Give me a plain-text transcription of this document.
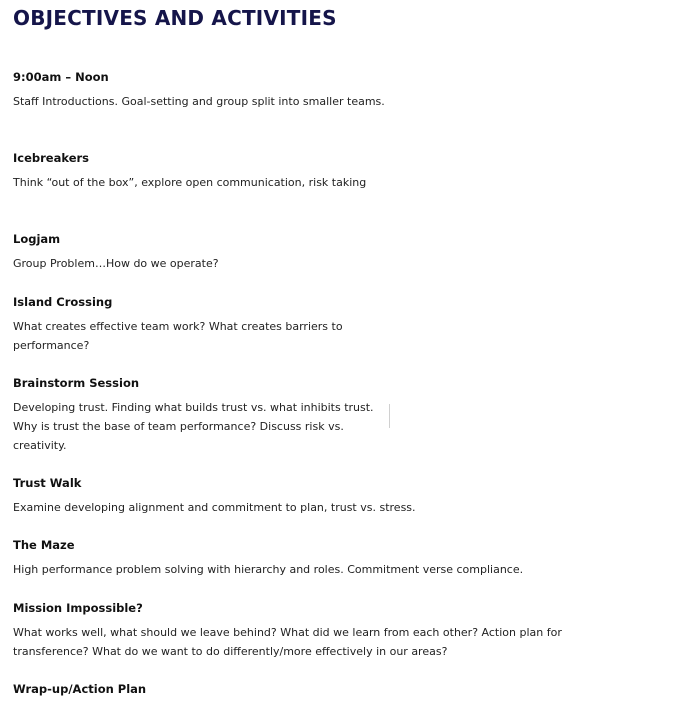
OBJECTIVES AND ACTIVITIES
9:00am – Noon

Staff Introductions. Goal-setting and group split into smaller teams.

Icebreakers

Think “out of the box”, explore open communication, risk taking

Logjam

Group Problem…How do we operate?

Island Crossing

What creates effective team work? What creates barriers to performance?

Brainstorm Session

Developing trust. Finding what builds trust vs. what inhibits trust. Why is trust the base of team performance? Discuss risk vs. creativity.

Trust Walk

Examine developing alignment and commitment to plan, trust vs. stress.

The Maze

High performance problem solving with hierarchy and roles. Commitment verse compliance.

Mission Impossible?

What works well, what should we leave behind? What did we learn from each other? Action plan for transference? What do we want to do differently/more effectively in our areas?

Wrap-up/Action Plan
